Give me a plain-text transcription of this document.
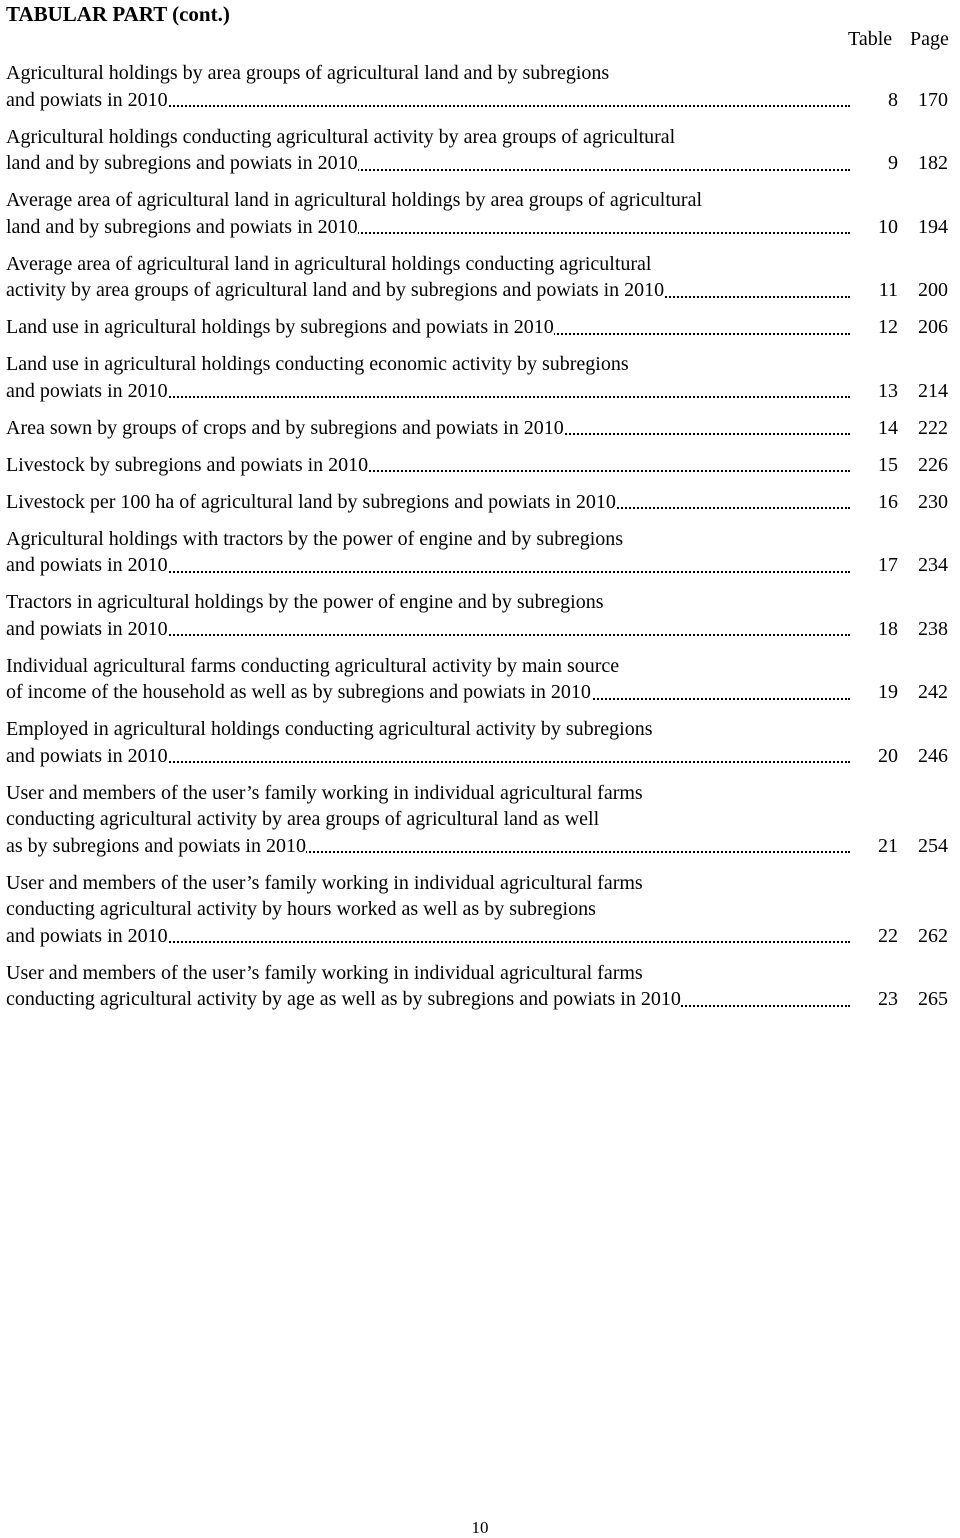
TABULAR PART (cont.)
Table Page
Agricultural holdings by area groups of agricultural land and by subregions
and powiats in 2010	8	170
Agricultural holdings conducting agricultural activity by area groups of agricultural
land and by subregions and powiats in 2010	9	182
Average area of agricultural land in agricultural holdings by area groups of agricultural
land and by subregions and powiats in 2010	10	194
Average area of agricultural land in agricultural holdings conducting agricultural
activity by area groups of agricultural land and by subregions and powiats in 2010	11	200
Land use in agricultural holdings by subregions and powiats in 2010	12	206
Land use in agricultural holdings conducting economic activity by subregions
and powiats in 2010	13	214
Area sown by groups of crops and by subregions and powiats in 2010	14	222
Livestock by subregions and powiats in 2010	15	226
Livestock per 100 ha of agricultural land by subregions and powiats in 2010	16	230
Agricultural holdings with tractors by the power of engine and by subregions
and powiats in 2010	17	234
Tractors in agricultural holdings by the power of engine and by subregions
and powiats in 2010	18	238
Individual agricultural farms conducting agricultural activity by main source
of income of the household as well as by subregions and powiats in 2010	19	242
Employed in agricultural holdings conducting agricultural activity by subregions
and powiats in 2010	20	246
User and members of the user’s family working in individual agricultural farms
conducting agricultural activity by area groups of agricultural land as well
as by subregions and powiats in 2010	21	254
User and members of the user’s family working in individual agricultural farms
conducting agricultural activity by hours worked as well as by subregions
and powiats in 2010	22	262
User and members of the user’s family working in individual agricultural farms
conducting agricultural activity by age as well as by subregions and powiats in 2010	23	265
10
